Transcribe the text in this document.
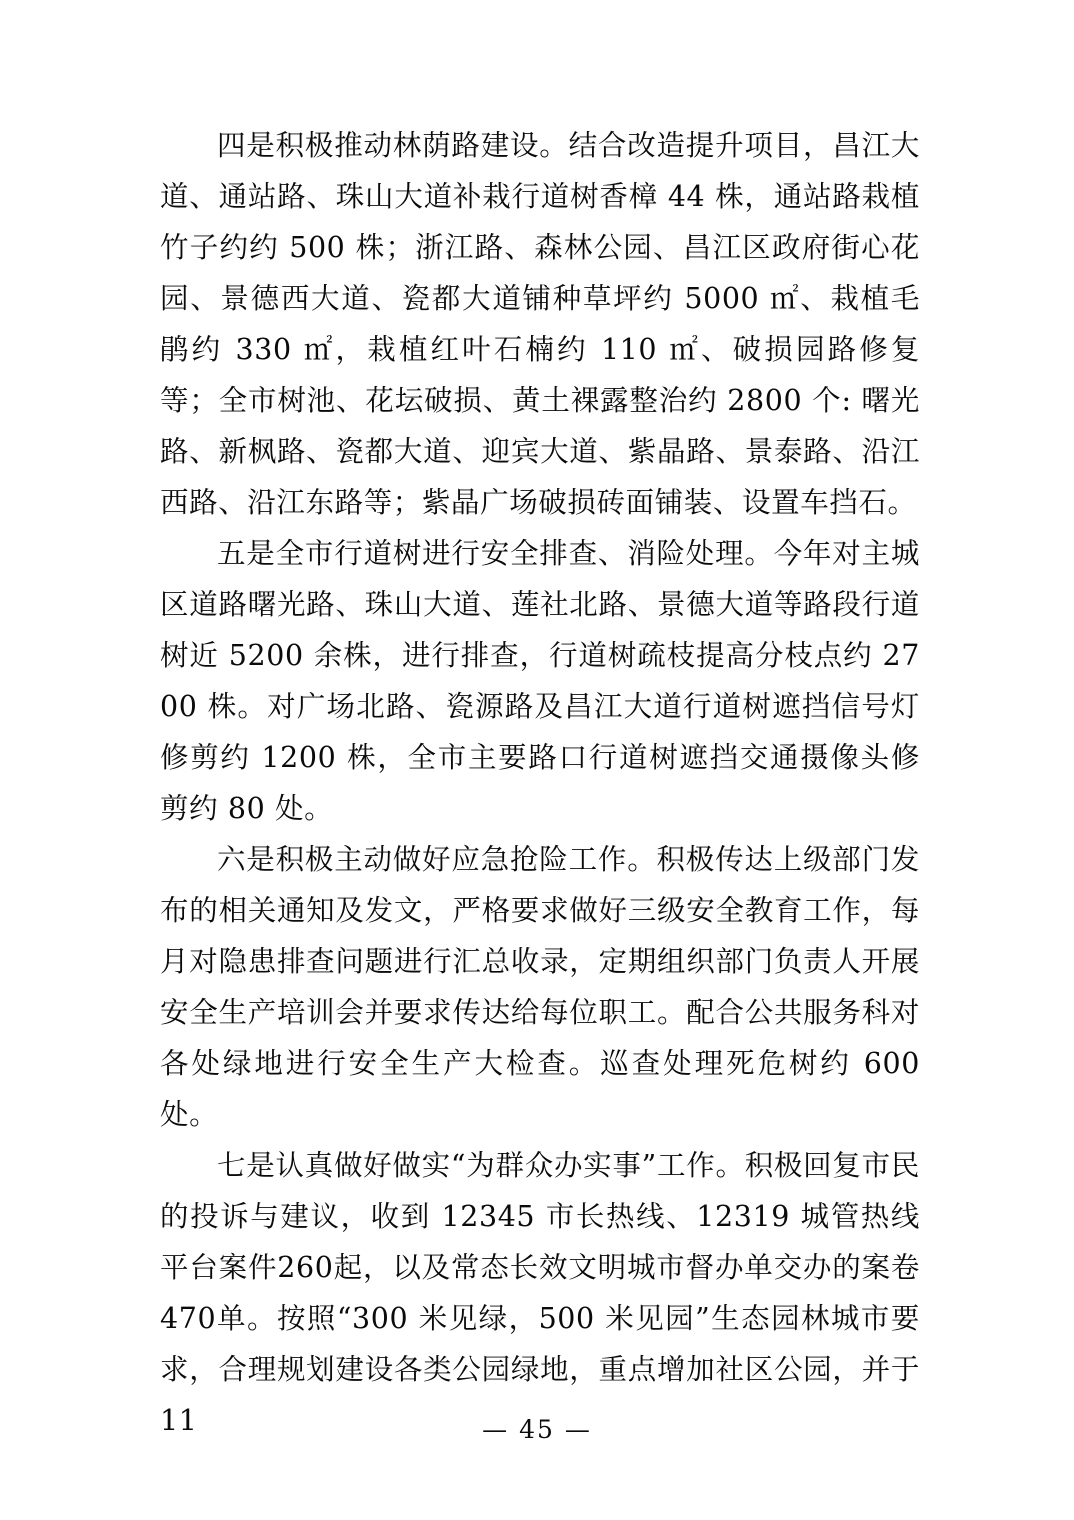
四是积极推动林荫路建设。结合改造提升项目，昌江大道、通站路、珠山大道补栽行道树香樟 44 株，通站路栽植竹子约约 500 株；浙江路、森林公园、昌江区政府街心花园、景德西大道、瓷都大道铺种草坪约 5000 ㎡、栽植毛鹃约 330 ㎡，栽植红叶石楠约 110 ㎡、破损园路修复等；全市树池、花坛破损、黄土裸露整治约 2800 个: 曙光路、新枫路、瓷都大道、迎宾大道、紫晶路、景泰路、沿江西路、沿江东路等；紫晶广场破损砖面铺装、设置车挡石。

五是全市行道树进行安全排查、消险处理。今年对主城区道路曙光路、珠山大道、莲社北路、景德大道等路段行道树近 5200 余株，进行排查，行道树疏枝提高分枝点约 2700 株。对广场北路、瓷源路及昌江大道行道树遮挡信号灯修剪约 1200 株，全市主要路口行道树遮挡交通摄像头修剪约 80 处。

六是积极主动做好应急抢险工作。积极传达上级部门发布的相关通知及发文，严格要求做好三级安全教育工作，每月对隐患排查问题进行汇总收录，定期组织部门负责人开展安全生产培训会并要求传达给每位职工。配合公共服务科对各处绿地进行安全生产大检查。巡查处理死危树约 600 处。

七是认真做好做实“为群众办实事”工作。积极回复市民的投诉与建议，收到 12345 市长热线、12319 城管热线平台案件260起，以及常态长效文明城市督办单交办的案卷470单。按照“300 米见绿，500 米见园”生态园林城市要求，合理规划建设各类公园绿地，重点增加社区公园，并于 11	— 45 —
